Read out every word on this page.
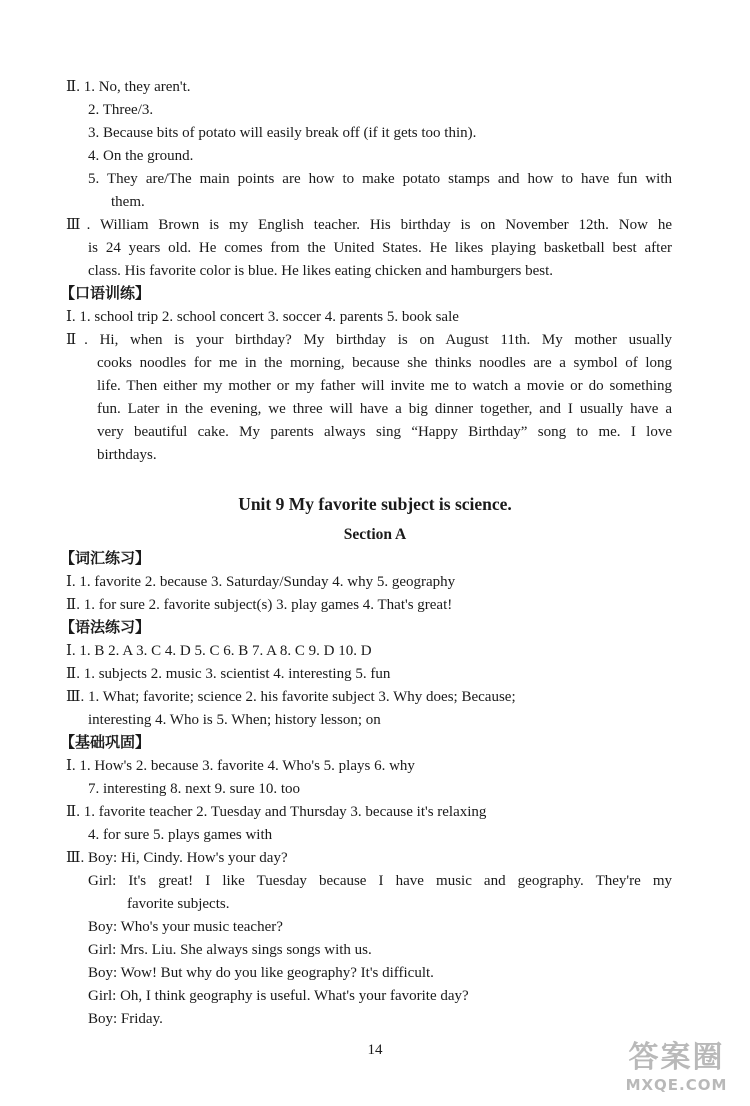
Ⅱ. 1. No, they aren't.
2. Three/3.
3. Because bits of potato will easily break off (if it gets too thin).
4. On the ground.
5. They are/The main points are how to make potato stamps and how to have fun with
them.
Ⅲ. William Brown is my English teacher. His birthday is on November 12th. Now he
is 24 years old. He comes from the United States. He likes playing basketball best after
class. His favorite color is blue. He likes eating chicken and hamburgers best.
【口语训练】
Ⅰ. 1. school trip 2. school concert 3. soccer 4. parents 5. book sale
Ⅱ. Hi, when is your birthday? My birthday is on August 11th. My mother usually
cooks noodles for me in the morning, because she thinks noodles are a symbol of long
life. Then either my mother or my father will invite me to watch a movie or do something
fun. Later in the evening, we three will have a big dinner together, and I usually have a
very beautiful cake. My parents always sing “Happy Birthday” song to me. I love
birthdays.
Unit 9 My favorite subject is science.
Section A
【词汇练习】
Ⅰ. 1. favorite 2. because 3. Saturday/Sunday 4. why 5. geography
Ⅱ. 1. for sure 2. favorite subject(s) 3. play games 4. That's great!
【语法练习】
Ⅰ. 1. B 2. A 3. C 4. D 5. C 6. B 7. A 8. C 9. D 10. D
Ⅱ. 1. subjects 2. music 3. scientist 4. interesting 5. fun
Ⅲ. 1. What; favorite; science 2. his favorite subject 3. Why does; Because;
interesting 4. Who is 5. When; history lesson; on
【基础巩固】
Ⅰ. 1. How's 2. because 3. favorite 4. Who's 5. plays 6. why
7. interesting 8. next 9. sure 10. too
Ⅱ. 1. favorite teacher 2. Tuesday and Thursday 3. because it's relaxing
4. for sure 5. plays games with
Ⅲ. Boy: Hi, Cindy. How's your day?
Girl: It's great! I like Tuesday because I have music and geography. They're my
favorite subjects.
Boy: Who's your music teacher?
Girl: Mrs. Liu. She always sings songs with us.
Boy: Wow! But why do you like geography? It's difficult.
Girl: Oh, I think geography is useful. What's your favorite day?
Boy: Friday.
14	答案圈
MXQE.COM
